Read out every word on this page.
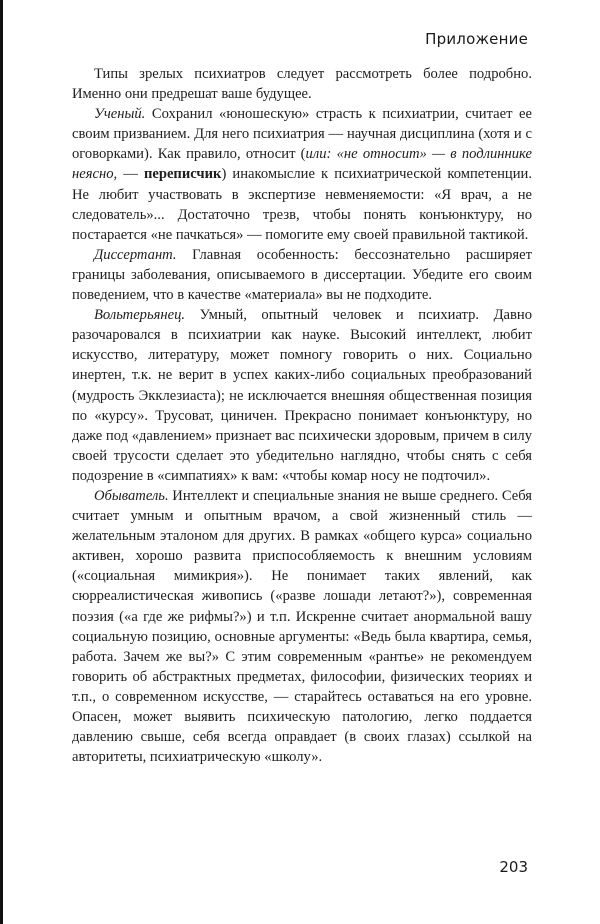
Приложение

Типы зрелых психиатров следует рассмотреть более подробно. Именно они предрешат ваше будущее.

Ученый. Сохранил «юношескую» страсть к психиатрии, считает ее своим призванием. Для него психиатрия — научная дисциплина (хотя и с оговорками). Как правило, относит (или: «не относит» — в подлиннике неясно, — переписчик) инакомыслие к психиатрической компетенции. Не любит участвовать в экспертизе невменяемости: «Я врач, а не следователь»... Достаточно трезв, чтобы понять конъюнктуру, но постарается «не пачкаться» — помогите ему своей правильной тактикой.

Диссертант. Главная особенность: бессознательно расширяет границы заболевания, описываемого в диссертации. Убедите его своим поведением, что в качестве «материала» вы не подходите.

Вольтерьянец. Умный, опытный человек и психиатр. Давно разочаровался в психиатрии как науке. Высокий интеллект, любит искусство, литературу, может помногу говорить о них. Социально инертен, т.к. не верит в успех каких-либо социальных преобразований (мудрость Экклезиаста); не исключается внешняя общественная позиция по «курсу». Трусоват, циничен. Прекрасно понимает конъюнктуру, но даже под «давлением» признает вас психически здоровым, причем в силу своей трусости сделает это убедительно наглядно, чтобы снять с себя подозрение в «симпатиях» к вам: «чтобы комар носу не подточил».

Обыватель. Интеллект и специальные знания не выше среднего. Себя считает умным и опытным врачом, а свой жизненный стиль — желательным эталоном для других. В рамках «общего курса» социально активен, хорошо развита приспособляемость к внешним условиям («социальная мимикрия»). Не понимает таких явлений, как сюрреалистическая живопись («разве лошади летают?»), современная поэзия («а где же рифмы?») и т.п. Искренне считает анормальной вашу социальную позицию, основные аргументы: «Ведь была квартира, семья, работа. Зачем же вы?» С этим современным «рантье» не рекомендуем говорить об абстрактных предметах, философии, физических теориях и т.п., о современном искусстве, — старайтесь оставаться на его уровне. Опасен, может выявить психическую патологию, легко поддается давлению свыше, себя всегда оправдает (в своих глазах) ссылкой на авторитеты, психиатрическую «школу».

203
